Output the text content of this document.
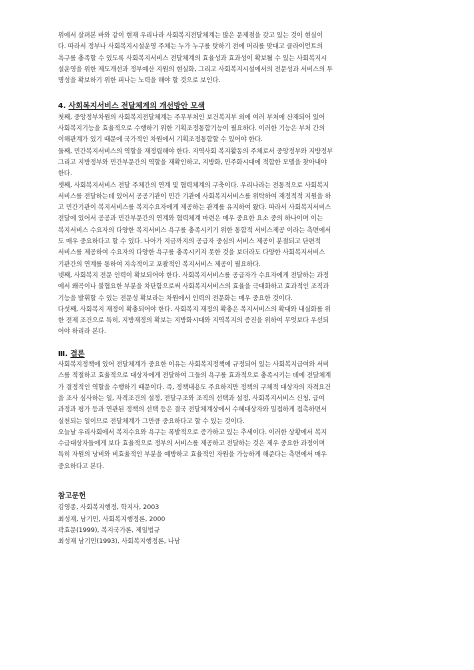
위에서 살펴본 바와 같이 현재 우리나라 사회복지전달체계는 많은 문제점을 갖고 있는 것이 현실이

다. 따라서 정부나 사회복지시설운영 주체는 누가 누구를 탓하기 전에 머리를 맞대고 클라이언트의

욕구를 충족할 수 있도록 사회복지서비스 전달체계의 효율성과 효과성이 확보될 수 있는 사회복지시

설운영을 위한 제도개선과 정부예산 지원의 현실화, 그리고 사회복지시설에서의 전문성과 서비스의 투

명성을 확보하기 위한 피나는 노력을 해야 할 것으로 보인다.

4. 사회복지서비스 전달체계의 개선방안 모색

첫째, 중앙정부차원의 사회복지전달체계는 주무부처인 보건복지부 외에 여러 부처에 산재되어 있어

사회복지기능을 효율적으로 수행하기 위한 기획조정통합기능이 필요하다. 이러한 기능은 부처 간의

이해관계가 있기 때문에 국가적인 차원에서 기획조정통합할 수 있어야 한다.

둘째, 민간복지서비스의 역할을 재정립해야 한다. 지역사회 복지활동의 주체로서 중앙정부와 지방정부

그리고 지방정부와 민간부문간의 역할을 재확인하고, 지방화, 민주화시대에 적합한 모델을 찾아내야

한다.

셋째, 사회복지서비스 전달 주체간의 연계 및 협력체계의 구축이다. 우리나라는 전통적으로 사회복지

서비스를 전달하는데 있어서 공공기관이 민간 기관에 사회복지서비스를 위탁하여 재정적적 지원을 하

고 민간기관이 복지서비스를 복지수요자에게 제공하는 관계를 유지하여 왔다. 따라서 사회복지서비스

전달에 있어서 공공과 민간부문간의 연계와 협력체계 마련은 매우 중요한 요소 중의 하나이며 이는

복지서비스 수요자의 다양한 복지서비스 욕구를 충족시키기 위한 통합적 서비스제공 이라는 측면에서

도 매우 중요하다고 할 수 있다. 나아가 지금까지의 공급자 중심의 서비스 제공이 분절되고 단편적

서비스를 제공하여 수요자의 다양한 욕구를 충족시키지 못한 것을 보더라도 다양한 사회복지서비스

기관간의 연계를 통하여 지속적이고 포괄적인 복지서비스 제공이 필요하다.

넷째, 사회복지 전문 인력이 확보되어야 한다. 사회복지서비스를 공급자가 수요자에게 전달하는 과정

에서 왜곡이나 불협요한 부분을 차단함으로써 사회복지서비스의 효율을 극대화하고 효과적인 조직과

기능을 발휘할 수 있는 전문성 확보라는 차원에서 인력의 전문화는 매우 중요한 것이다.

다섯째, 사회복지 재정이 확충되어야 한다. 사회복지 재정의 확충은 복지서비스의 확대와 내실화를 위

한 전제 조건으로 특히, 지방재정의 확보는 지방화시대와 지역복지의 증진을 위하여 무엇보다 우선되

어야 하리라 본다.

Ⅲ. 결론

사회복지정책에 있어 전달체계가 중요한 이유는 사회복지정책에 규정되어 있는 사회복지급여와 서비

스를 적절하고 효율적으로 대상자에게 전달하여 그들의 욕구를 효과적으로 충족시키는 데에 전달체계

가 결정적인 역할을 수행하기 때문이다. 즉, 정책내용도 주요하지만 정책의 구체적 대상자의 자격요건

을 조사 심사하는 일, 자격조건의 설정, 전달구조와 조직의 선택과 설정, 사회복지서비스 신청, 급여

과정과 평가 등과 연관된 정책의 선택 등은 결국 전달체계상에서 수혜대상자와 밀접하게 접촉하면서

실천되는 일이므로 전달체계가 그만큼 중요하다고 할 수 있는 것이다.

오늘날 우리사회에서 복지수요와 욕구는 폭발적으로 증가하고 있는 추세이다. 이러한 상황에서 복지

수급대상자들에게 보다 효율적으로 정부의 서비스를 제공하고 전달하는 것은 제우 중요한 과정이며

특히 자원의 낭비와 비효율적인 부분을 예방하고 효율적인 자원을 가능하게 해준다는 측면에서 매우

중요하다고 본다.

참고문헌
김영종, 사회복지행정, 학지사, 2003
최성재, 남기민, 사회복지행정론, 2000
곽효문(1999), 복지국가론, 제일법규
최성재 남기민(1993), 사회복지행정론, 나남
